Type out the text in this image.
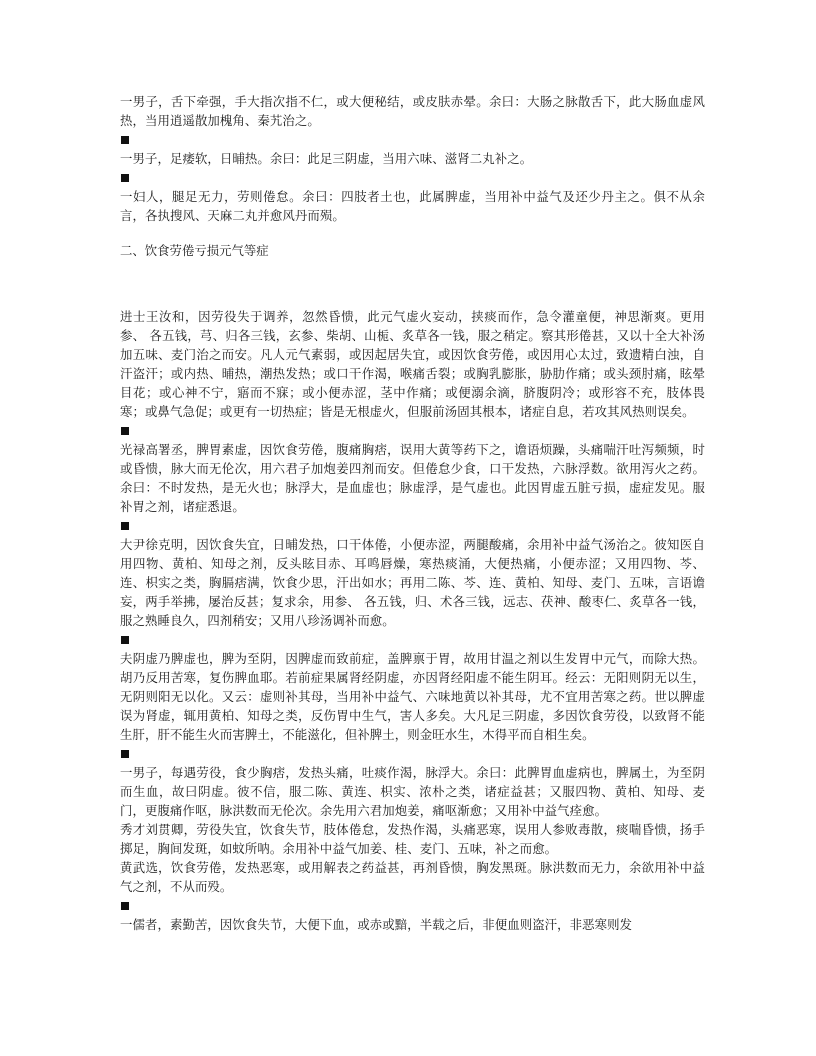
一男子，舌下牵强，手大指次指不仁，或大便秘结，或皮肤赤晕。余曰：大肠之脉散舌下，此大肠血虚风热，当用逍遥散加槐角、秦艽治之。

一男子，足痿软，日晡热。余曰：此足三阴虚，当用六味、滋肾二丸补之。

一妇人，腿足无力，劳则倦怠。余曰：四肢者土也，此属脾虚，当用补中益气及还少丹主之。俱不从余言，各执搜风、天麻二丸并愈风丹而殒。

二、饮食劳倦亏损元气等症

进士王汝和，因劳役失于调养，忽然昏愦，此元气虚火妄动，挟痰而作，急令灌童便，神思渐爽。更用参、 各五钱，芎、归各三钱，玄参、柴胡、山栀、炙草各一钱，服之稍定。察其形倦甚，又以十全大补汤加五味、麦门治之而安。凡人元气素弱，或因起居失宜，或因饮食劳倦，或因用心太过，致遗精白浊，自汗盗汗；或内热、晡热，潮热发热；或口干作渴，喉痛舌裂；或胸乳膨胀，胁肋作痛；或头颈肘痛，眩晕目花；或心神不宁，寤而不寐；或小便赤涩，茎中作痛；或便溺余滴，脐腹阴冷；或形容不充，肢体畏寒；或鼻气急促；或更有一切热症；皆是无根虚火，但服前汤固其根本，诸症自息，若攻其风热则误矣。

光禄高署丞，脾胃素虚，因饮食劳倦，腹痛胸痞，误用大黄等药下之，谵语烦躁，头痛喘汗吐泻频频，时或昏愦，脉大而无伦次，用六君子加炮姜四剂而安。但倦怠少食，口干发热，六脉浮数。欲用泻火之药。余曰：不时发热，是无火也；脉浮大，是血虚也；脉虚浮，是气虚也。此因胃虚五脏亏损，虚症发见。服补胃之剂，诸症悉退。

大尹徐克明，因饮食失宜，日晡发热，口干体倦，小便赤涩，两腿酸痛，余用补中益气汤治之。彼知医自用四物、黄柏、知母之剂，反头眩目赤、耳鸣唇燥，寒热痰涌，大便热痛，小便赤涩；又用四物、芩、连、枳实之类，胸膈痞满，饮食少思，汗出如水；再用二陈、芩、连、黄柏、知母、麦门、五味，言语谵妄，两手举拂，屡治反甚；复求余，用参、 各五钱，归、术各三钱，远志、茯神、酸枣仁、炙草各一钱，服之熟睡良久，四剂稍安；又用八珍汤调补而愈。

夫阴虚乃脾虚也，脾为至阴，因脾虚而致前症，盖脾禀于胃，故用甘温之剂以生发胃中元气，而除大热。胡乃反用苦寒，复伤脾血耶。若前症果属肾经阴虚，亦因肾经阳虚不能生阴耳。经云：无阳则阴无以生，无阴则阳无以化。又云：虚则补其母，当用补中益气、六味地黄以补其母，尤不宜用苦寒之药。世以脾虚误为肾虚，辄用黄柏、知母之类，反伤胃中生气，害人多矣。大凡足三阴虚，多因饮食劳役，以致肾不能生肝，肝不能生火而害脾土，不能滋化，但补脾土，则金旺水生，木得平而自相生矣。

一男子，每遇劳役，食少胸痞，发热头痛，吐痰作渴，脉浮大。余曰：此脾胃血虚病也，脾属土，为至阴而生血，故曰阴虚。彼不信，服二陈、黄连、枳实、浓朴之类，诸症益甚；又服四物、黄柏、知母、麦门，更腹痛作呕，脉洪数而无伦次。余先用六君加炮姜，痛呕渐愈；又用补中益气痊愈。
秀才刘贯卿，劳役失宜，饮食失节，肢体倦怠，发热作渴，头痛恶寒，误用人参败毒散，痰喘昏愦，扬手掷足，胸间发斑，如蚊所呐。余用补中益气加姜、桂、麦门、五味，补之而愈。
黄武选，饮食劳倦，发热恶寒，或用解表之药益甚，再剂昏愦，胸发黑斑。脉洪数而无力，余欲用补中益气之剂，不从而殁。

一儒者，素勤苦，因饮食失节，大便下血，或赤或黯，半载之后，非便血则盗汗，非恶寒则发
